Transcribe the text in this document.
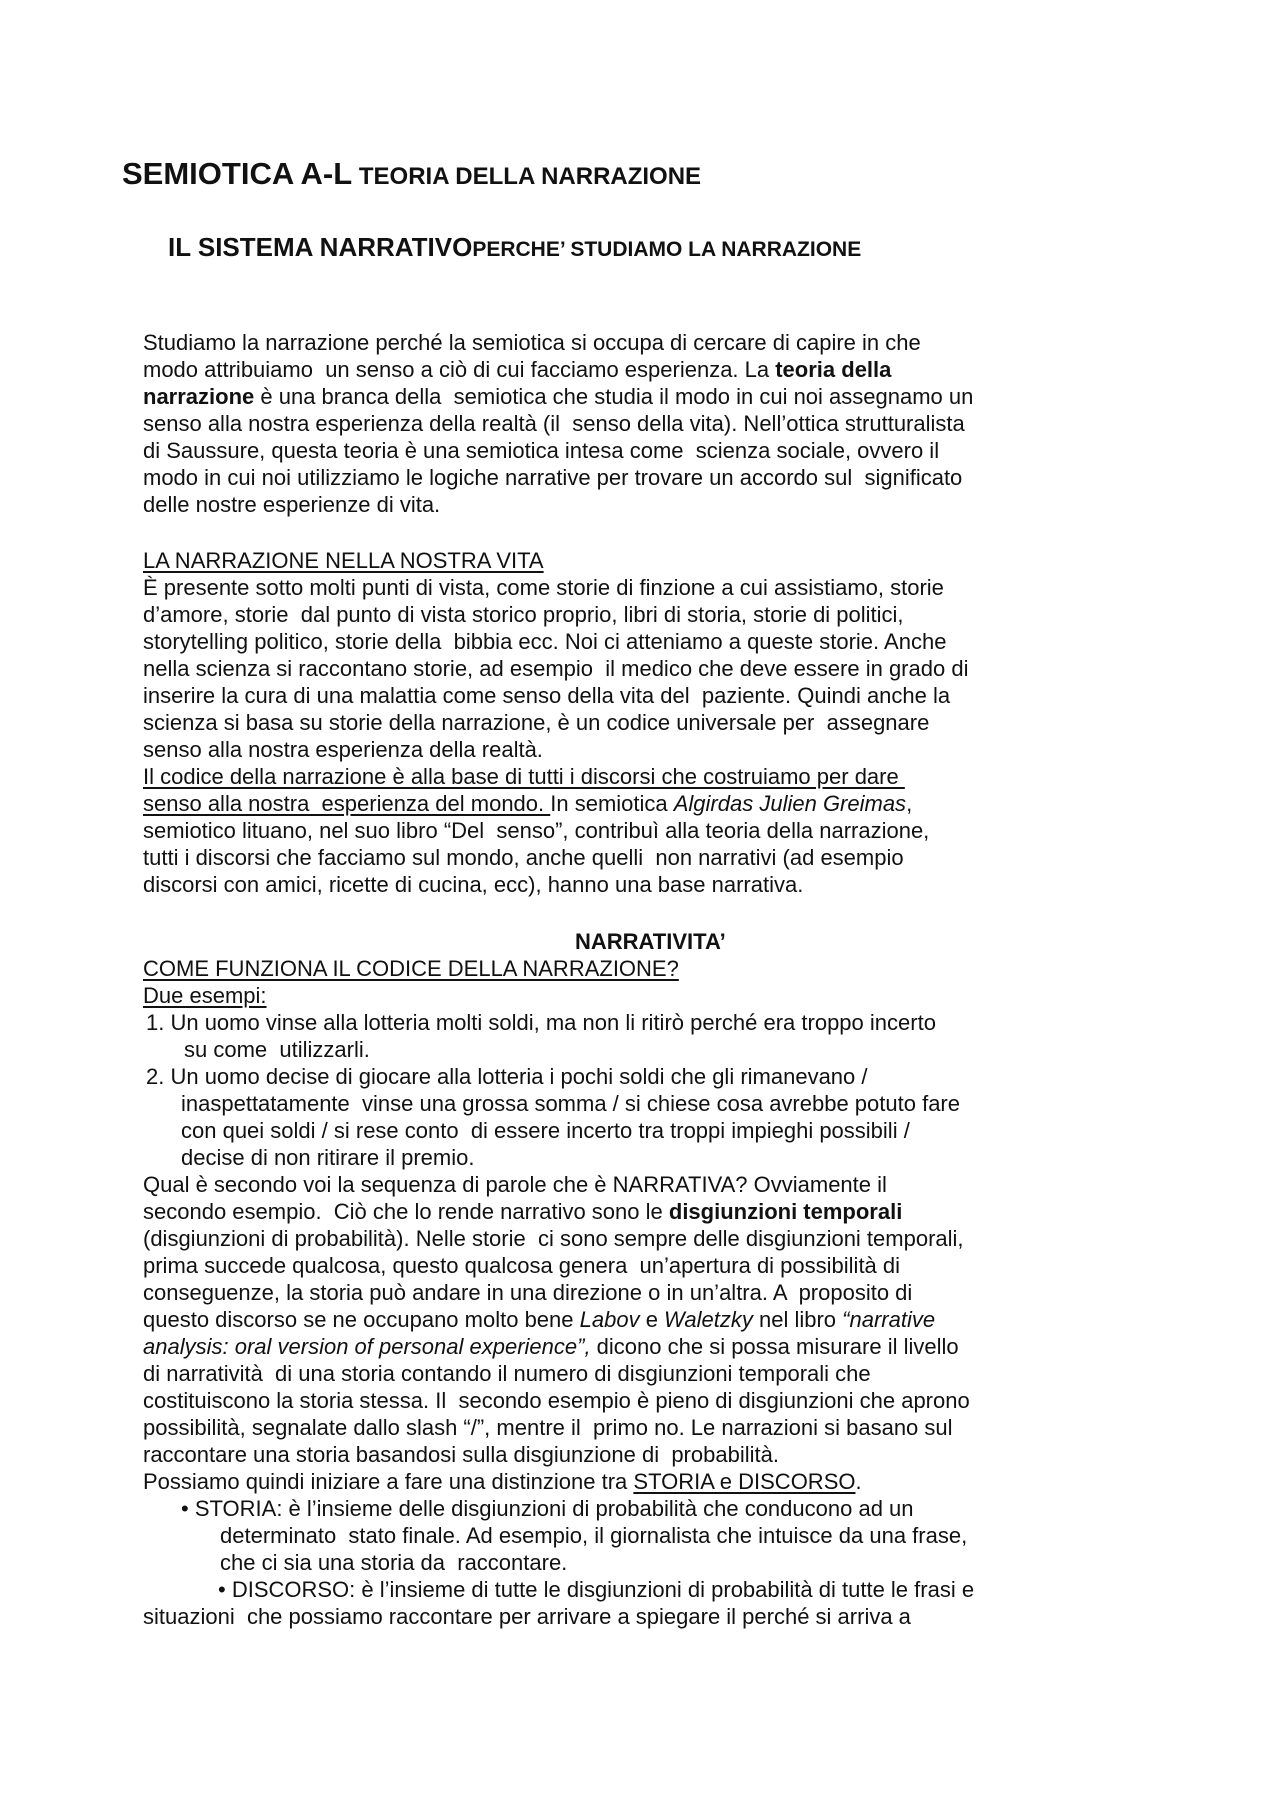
SEMIOTICA A-L TEORIA DELLA NARRAZIONE
IL SISTEMA NARRATIVOPERCHE’ STUDIAMO LA NARRAZIONE
Studiamo la narrazione perché la semiotica si occupa di cercare di capire in che
modo attribuiamo  un senso a ciò di cui facciamo esperienza. La teoria della
narrazione è una branca della  semiotica che studia il modo in cui noi assegnamo un
senso alla nostra esperienza della realtà (il  senso della vita). Nell’ottica strutturalista
di Saussure, questa teoria è una semiotica intesa come  scienza sociale, ovvero il
modo in cui noi utilizziamo le logiche narrative per trovare un accordo sul  significato
delle nostre esperienze di vita.
LA NARRAZIONE NELLA NOSTRA VITA
È presente sotto molti punti di vista, come storie di finzione a cui assistiamo, storie
d’amore, storie  dal punto di vista storico proprio, libri di storia, storie di politici,
storytelling politico, storie della  bibbia ecc. Noi ci atteniamo a queste storie. Anche
nella scienza si raccontano storie, ad esempio  il medico che deve essere in grado di
inserire la cura di una malattia come senso della vita del  paziente. Quindi anche la
scienza si basa su storie della narrazione, è un codice universale per  assegnare
senso alla nostra esperienza della realtà.
Il codice della narrazione è alla base di tutti i discorsi che costruiamo per dare
senso alla nostra  esperienza del mondo. In semiotica Algirdas Julien Greimas,
semiotico lituano, nel suo libro “Del  senso”, contribuì alla teoria della narrazione,
tutti i discorsi che facciamo sul mondo, anche quelli  non narrativi (ad esempio
discorsi con amici, ricette di cucina, ecc), hanno una base narrativa.
NARRATIVITA’
COME FUNZIONA IL CODICE DELLA NARRAZIONE?
Due esempi:
1. Un uomo vinse alla lotteria molti soldi, ma non li ritirò perché era troppo incerto
su come  utilizzarli.
2. Un uomo decise di giocare alla lotteria i pochi soldi che gli rimanevano /
inaspettatamente  vinse una grossa somma / si chiese cosa avrebbe potuto fare
con quei soldi / si rese conto  di essere incerto tra troppi impieghi possibili /
decise di non ritirare il premio.
Qual è secondo voi la sequenza di parole che è NARRATIVA? Ovviamente il
secondo esempio.  Ciò che lo rende narrativo sono le disgiunzioni temporali
(disgiunzioni di probabilità). Nelle storie  ci sono sempre delle disgiunzioni temporali,
prima succede qualcosa, questo qualcosa genera  un’apertura di possibilità di
conseguenze, la storia può andare in una direzione o in un’altra. A  proposito di
questo discorso se ne occupano molto bene Labov e Waletzky nel libro “narrative
analysis: oral version of personal experience”, dicono che si possa misurare il livello
di narratività  di una storia contando il numero di disgiunzioni temporali che
costituiscono la storia stessa. Il  secondo esempio è pieno di disgiunzioni che aprono
possibilità, segnalate dallo slash “/”, mentre il  primo no. Le narrazioni si basano sul
raccontare una storia basandosi sulla disgiunzione di  probabilità.
Possiamo quindi iniziare a fare una distinzione tra STORIA e DISCORSO.
• STORIA: è l’insieme delle disgiunzioni di probabilità che conducono ad un
determinato  stato finale. Ad esempio, il giornalista che intuisce da una frase,
che ci sia una storia da  raccontare.
• DISCORSO: è l’insieme di tutte le disgiunzioni di probabilità di tutte le frasi e
situazioni  che possiamo raccontare per arrivare a spiegare il perché si arriva a
